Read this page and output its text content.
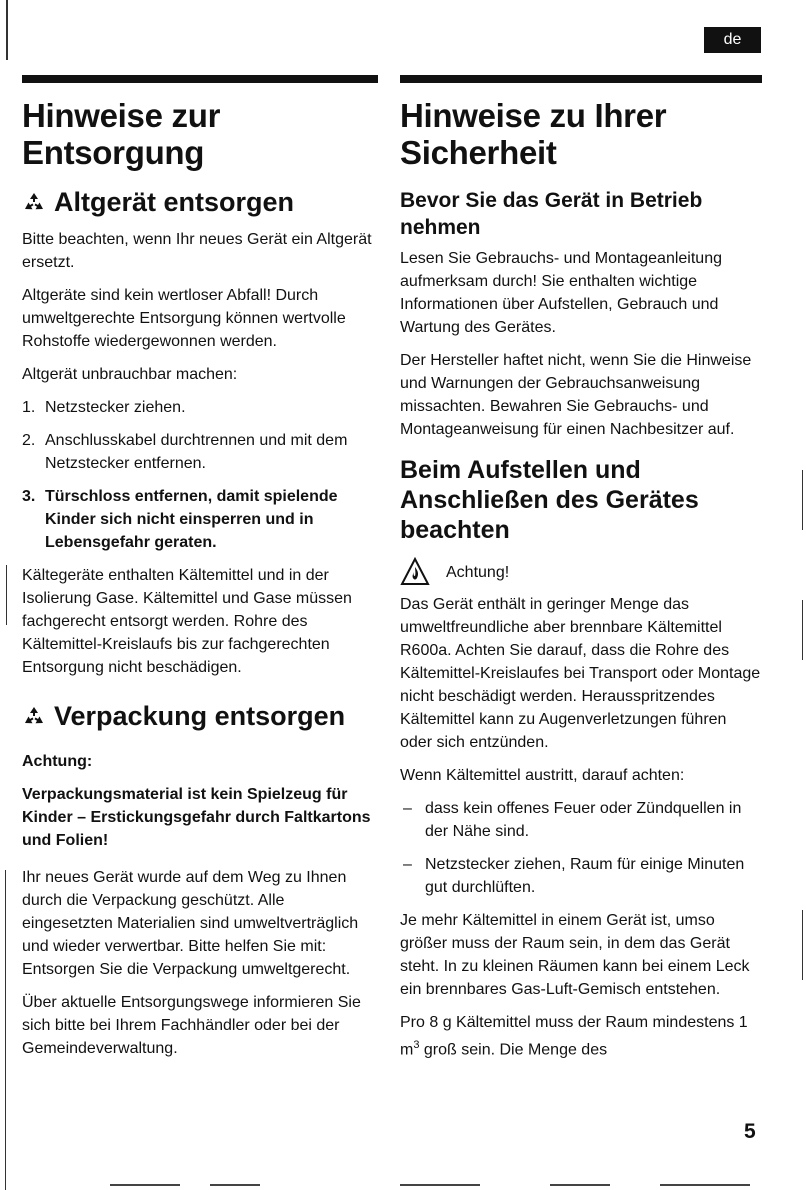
de
Hinweise zur Entsorgung
Altgerät entsorgen

Bitte beachten, wenn Ihr neues Gerät ein Altgerät ersetzt.

Altgeräte sind kein wertloser Abfall! Durch umweltgerechte Entsorgung können wertvolle Rohstoffe wiedergewonnen werden.

Altgerät unbrauchbar machen:

1. Netzstecker ziehen.
2. Anschlusskabel durchtrennen und mit dem Netzstecker entfernen.
3. Türschloss entfernen, damit spielende Kinder sich nicht einsperren und in Lebensgefahr geraten.

Kältegeräte enthalten Kältemittel und in der Isolierung Gase. Kältemittel und Gase müssen fachgerecht entsorgt werden. Rohre des Kältemittel-Kreislaufs bis zur fachgerechten Entsorgung nicht beschädigen.

Verpackung entsorgen

Achtung:

Verpackungsmaterial ist kein Spielzeug für Kinder – Erstickungsgefahr durch Faltkartons und Folien!

Ihr neues Gerät wurde auf dem Weg zu Ihnen durch die Verpackung geschützt. Alle eingesetzten Materialien sind umweltverträglich und wieder verwertbar. Bitte helfen Sie mit: Entsorgen Sie die Verpackung umweltgerecht.

Über aktuelle Entsorgungswege informieren Sie sich bitte bei Ihrem Fachhändler oder bei der Gemeindeverwaltung.

Hinweise zu Ihrer Sicherheit
Bevor Sie das Gerät in Betrieb nehmen

Lesen Sie Gebrauchs- und Montageanleitung aufmerksam durch! Sie enthalten wichtige Informationen über Aufstellen, Gebrauch und Wartung des Gerätes.

Der Hersteller haftet nicht, wenn Sie die Hinweise und Warnungen der Gebrauchsanweisung missachten. Bewahren Sie Gebrauchs- und Montageanweisung für einen Nachbesitzer auf.

Beim Aufstellen und Anschließen des Gerätes beachten
Achtung!

Das Gerät enthält in geringer Menge das umweltfreundliche aber brennbare Kältemittel R600a. Achten Sie darauf, dass die Rohre des Kältemittel-Kreislaufes bei Transport oder Montage nicht beschädigt werden. Herausspritzendes Kältemittel kann zu Augenverletzungen führen oder sich entzünden.

Wenn Kältemittel austritt, darauf achten:

– dass kein offenes Feuer oder Zündquellen in der Nähe sind.
– Netzstecker ziehen, Raum für einige Minuten gut durchlüften.

Je mehr Kältemittel in einem Gerät ist, umso größer muss der Raum sein, in dem das Gerät steht. In zu kleinen Räumen kann bei einem Leck ein brennbares Gas-Luft-Gemisch entstehen.

Pro 8 g Kältemittel muss der Raum mindestens 1 $m^3$ groß sein. Die Menge des

5
